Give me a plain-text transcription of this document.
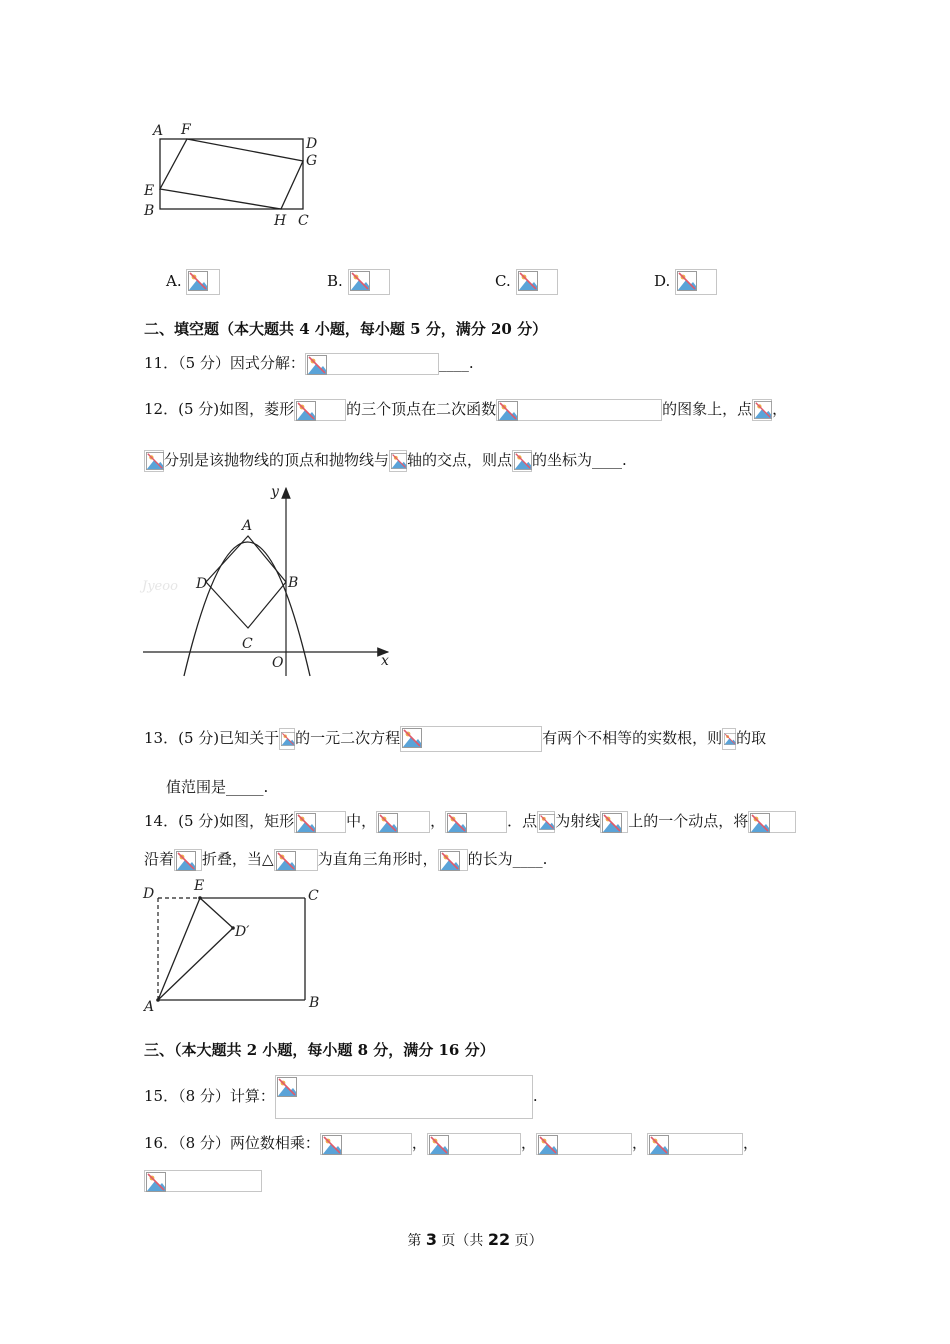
A F
D
G
E
B
H C
A.	B.	C.	D.
二、填空题（本大题共 4 小题，每小题 5 分，满分 20 分）
11．（5 分）因式分解：	____.
12．(5 分)如图，菱形	的三个顶点在二次函数	的图象上，点 ，
分别是该抛物线的顶点和抛物线与 轴的交点，则点 的坐标为____.
Jyeoo
y
A
D	B
C
O	x
13．(5 分)已知关于 的一元二次方程	有两个不相等的实数根，则 的取
值范围是_____.
14．(5 分)如图，矩形	中，	，	．点 为射线 上的一个动点，将
沿着 折叠，当△	为直角三角形时， 的长为____.
D	E
C
D′
A	B
三、（本大题共 2 小题，每小题 8 分，满分 16 分）
15．（8 分）计算：	.
16．（8 分）两位数相乘：	，	，	，	，
第 3 页（共 22 页）
